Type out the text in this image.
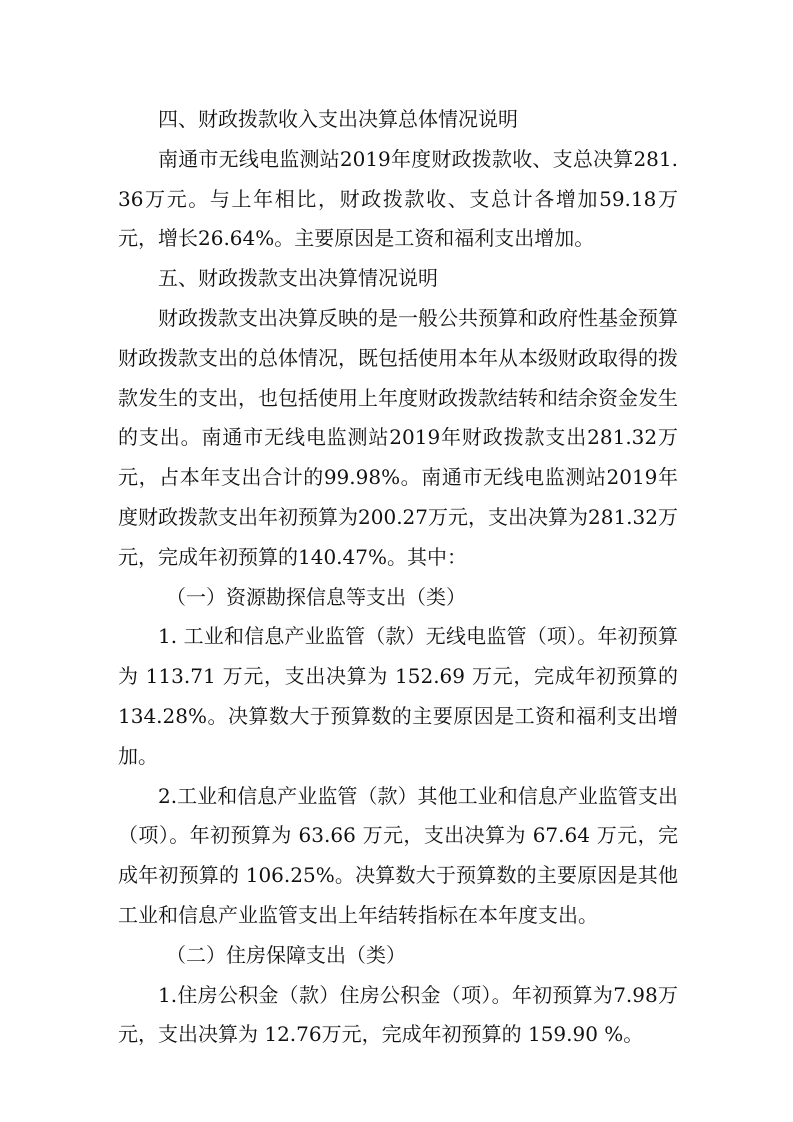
四、财政拨款收入支出决算总体情况说明

南通市无线电监测站2019年度财政拨款收、支总决算281.36万元。与上年相比，财政拨款收、支总计各增加59.18万元，增长26.64%。主要原因是工资和福利支出增加。

五、财政拨款支出决算情况说明

财政拨款支出决算反映的是一般公共预算和政府性基金预算财政拨款支出的总体情况，既包括使用本年从本级财政取得的拨款发生的支出，也包括使用上年度财政拨款结转和结余资金发生的支出。南通市无线电监测站2019年财政拨款支出281.32万元，占本年支出合计的99.98%。南通市无线电监测站2019年度财政拨款支出年初预算为200.27万元，支出决算为281.32万元，完成年初预算的140.47%。其中：

（一）资源勘探信息等支出（类）

1. 工业和信息产业监管（款）无线电监管（项）。年初预算为 113.71 万元，支出决算为 152.69 万元，完成年初预算的 134.28%。决算数大于预算数的主要原因是工资和福利支出增加。

2.工业和信息产业监管（款）其他工业和信息产业监管支出（项）。年初预算为 63.66 万元，支出决算为 67.64 万元，完成年初预算的 106.25%。决算数大于预算数的主要原因是其他工业和信息产业监管支出上年结转指标在本年度支出。

（二）住房保障支出（类）

1.住房公积金（款）住房公积金（项）。年初预算为7.98万元，支出决算为 12.76万元，完成年初预算的 159.90 %。
